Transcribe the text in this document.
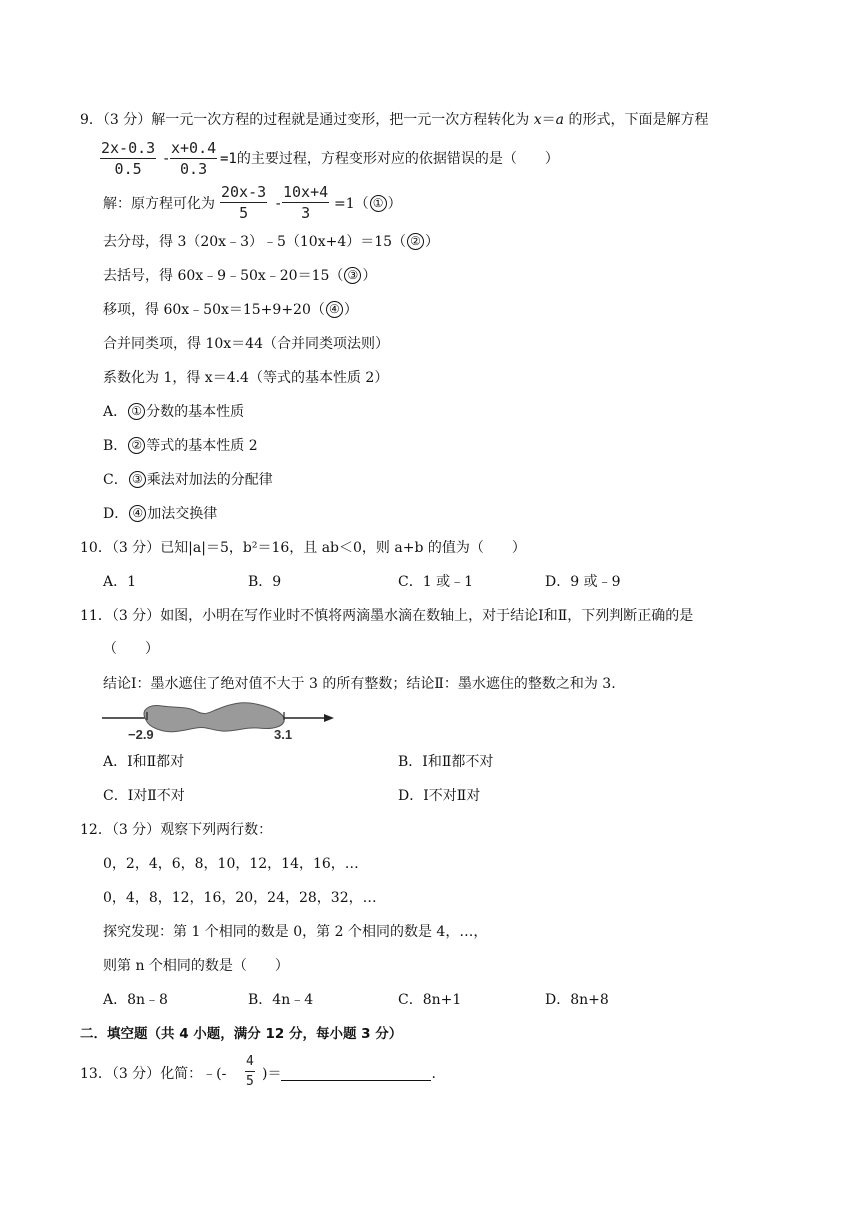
9．（3 分）解一元一次方程的过程就是通过变形，把一元一次方程转化为 x＝a 的形式，下面是解方程
$\frac{2x-0.3}{0.5} - \frac{x+0.4}{0.3} =1$的主要过程，方程变形对应的依据错误的是（　　）
解：原方程可化为 $\frac{20x-3}{5} - \frac{10x+4}{3} =1$（ ① ）
去分母，得 3（20x﹣3）﹣5（10x+4）＝15（ ② ）
去括号，得 60x﹣9﹣50x﹣20＝15（ ③ ）
移项，得 60x﹣50x＝15+9+20（ ④ ）
合并同类项，得 10x＝44（合并同类项法则）
系数化为 1，得 x＝4.4（等式的基本性质 2）
A． ① 分数的基本性质
B． ② 等式的基本性质 2
C． ③ 乘法对加法的分配律
D． ④ 加法交换律
10．（3 分）已知|a|＝5，b²＝16，且 ab＜0，则 a+b 的值为（　　）
A．1	B．9	C．1 或﹣1	D．9 或﹣9
11．（3 分）如图，小明在写作业时不慎将两滴墨水滴在数轴上，对于结论Ⅰ和Ⅱ，下列判断正确的是
（　　）
结论Ⅰ：墨水遮住了绝对值不大于 3 的所有整数；结论Ⅱ：墨水遮住的整数之和为 3.
−2.9	3.1
A．Ⅰ和Ⅱ都对	B．Ⅰ和Ⅱ都不对
C．Ⅰ对Ⅱ不对	D．Ⅰ不对Ⅱ对
12．（3 分）观察下列两行数：
0，2，4，6，8，10，12，14，16，…
0，4，8，12，16，20，24，28，32，…
探究发现：第 1 个相同的数是 0，第 2 个相同的数是 4，…，
则第 n 个相同的数是（　　）
A．8n﹣8	B．4n﹣4	C．8n+1	D．8n+8
二．填空题（共 4 小题，满分 12 分，每小题 3 分）
13．（3 分）化简：﹣(- $\frac{4}{5}$ )＝	.
